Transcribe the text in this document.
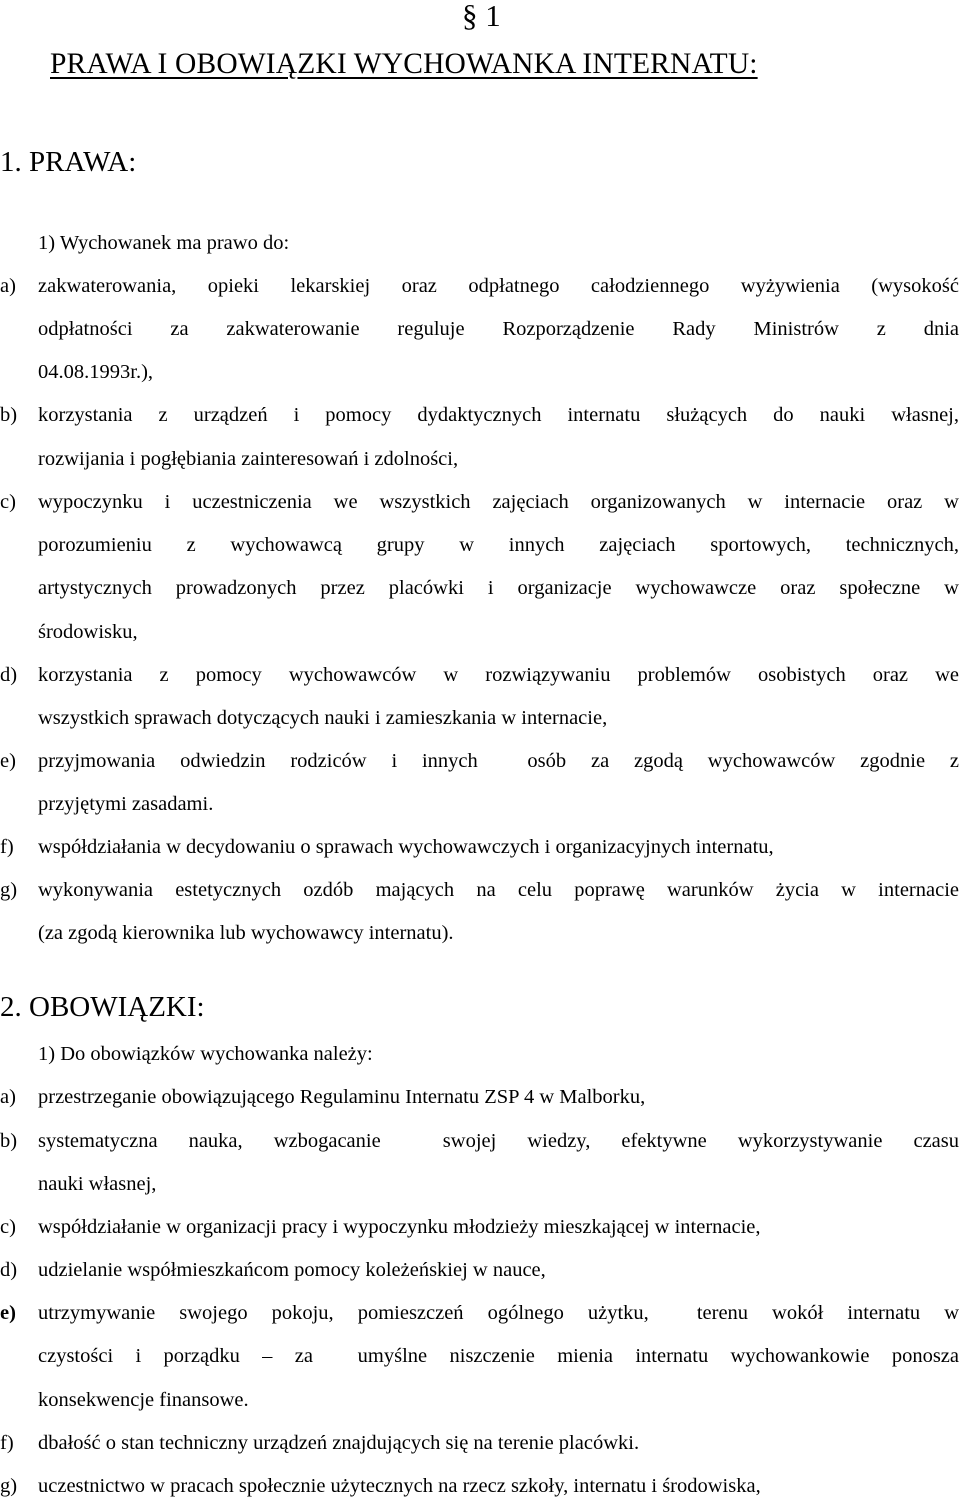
§ 1
PRAWA I OBOWIĄZKI WYCHOWANKA INTERNATU:
1. PRAWA:
1) Wychowanek ma prawo do:
a)	zakwaterowania, opieki lekarskiej oraz odpłatnego całodziennego wyżywienia (wysokość
odpłatności za zakwaterowanie reguluje Rozporządzenie Rady Ministrów z dnia
04.08.1993r.),
b)	korzystania z urządzeń i pomocy dydaktycznych internatu służących do nauki własnej,
rozwijania i pogłębiania zainteresowań i zdolności,
c)	wypoczynku i uczestniczenia we wszystkich zajęciach organizowanych w internacie oraz w
porozumieniu z wychowawcą grupy w innych zajęciach sportowych, technicznych,
artystycznych prowadzonych przez placówki i organizacje wychowawcze oraz społeczne w
środowisku,
d)	korzystania z pomocy wychowawców w rozwiązywaniu problemów osobistych oraz we
wszystkich sprawach dotyczących nauki i zamieszkania w internacie,
e)	przyjmowania odwiedzin rodziców i innych  osób za zgodą wychowawców zgodnie z
przyjętymi zasadami.
f)	współdziałania w decydowaniu o sprawach wychowawczych i organizacyjnych internatu,
g)	wykonywania estetycznych ozdób mających na celu poprawę warunków życia w internacie
(za zgodą kierownika lub wychowawcy internatu).
2. OBOWIĄZKI:
1) Do obowiązków wychowanka należy:
a)	przestrzeganie obowiązującego Regulaminu Internatu ZSP 4 w Malborku,
b)	systematyczna nauka, wzbogacanie  swojej wiedzy, efektywne wykorzystywanie czasu
nauki własnej,
c)	współdziałanie w organizacji pracy i wypoczynku młodzieży mieszkającej w internacie,
d)	udzielanie współmieszkańcom pomocy koleżeńskiej w nauce,
e)	utrzymywanie swojego pokoju, pomieszczeń ogólnego użytku,  terenu wokół internatu w
czystości i porządku – za  umyślne niszczenie mienia internatu wychowankowie ponosza
konsekwencje finansowe.
f)	dbałość o stan techniczny urządzeń znajdujących się na terenie placówki.
g)	uczestnictwo w pracach społecznie użytecznych na rzecz szkoły, internatu i środowiska,
